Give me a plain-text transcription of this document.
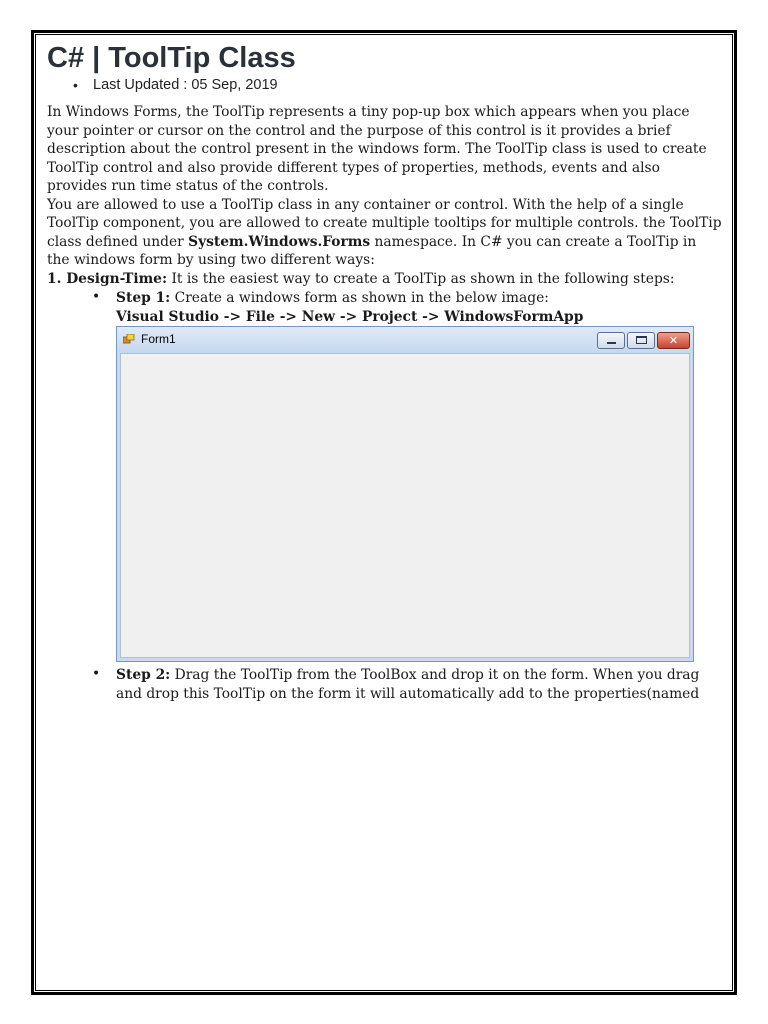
C# | ToolTip Class
• Last Updated : 05 Sep, 2019

In Windows Forms, the ToolTip represents a tiny pop-up box which appears when you place your pointer or cursor on the control and the purpose of this control is it provides a brief description about the control present in the windows form. The ToolTip class is used to create ToolTip control and also provide different types of properties, methods, events and also provides run time status of the controls.

You are allowed to use a ToolTip class in any container or control. With the help of a single ToolTip component, you are allowed to create multiple tooltips for multiple controls. the ToolTip class defined under System.Windows.Forms namespace. In C# you can create a ToolTip in the windows form by using two different ways:

1. Design-Time: It is the easiest way to create a ToolTip as shown in the following steps:

• Step 1: Create a windows form as shown in the below image:

Visual Studio -> File -> New -> Project -> WindowsFormApp

Form1	✕
• Step 2: Drag the ToolTip from the ToolBox and drop it on the form. When you drag and drop this ToolTip on the form it will automatically add to the properties(named
